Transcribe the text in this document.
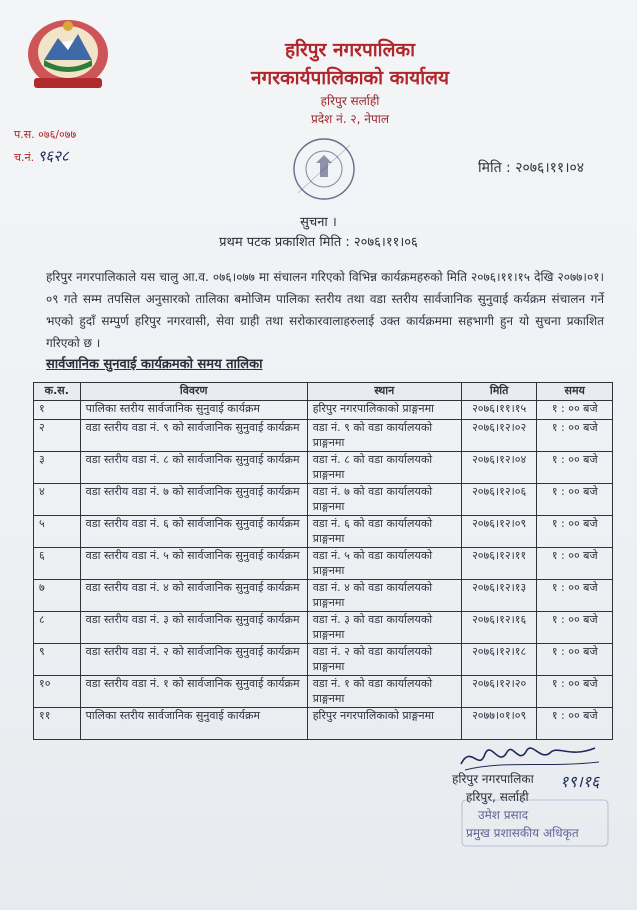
हरिपुर नगरपालिका
नगरकार्यपालिकाको कार्यालय
हरिपुर सर्लाही
प्रदेश नं. २, नेपाल
प.स. ०७६/०७७
च.नं. ९६२८
मिति : २०७६।११।०४
सुचना ।
प्रथम पटक प्रकाशित मिति : २०७६।११।०६
हरिपुर नगरपालिकाले यस चालु आ.व. ०७६।०७७ मा संचालन गरिएको विभिन्न कार्यक्रमहरुको मिति २०७६।११।१५ देखि २०७७।०१।०९ गते सम्म तपसिल अनुसारको तालिका बमोजिम पालिका स्तरीय तथा वडा स्तरीय सार्वजानिक सुनुवाई कर्यक्रम संचालन गर्ने भएको हुदाँ सम्पुर्ण हरिपुर नगरवासी, सेवा ग्राही तथा सरोकारवालाहरुलाई उक्त कार्यक्रममा सहभागी हुन यो सुचना प्रकाशित गरिएको छ ।
सार्वजानिक सुनवाई कार्यक्रमको समय तालिका
क.स.	विवरण	स्थान	मिति	समय
१	पालिका स्तरीय सार्वजानिक सुनुवाई कार्यक्रम	हरिपुर नगरपालिकाको प्राङ्गनमा	२०७६।११।१५	१ : ०० बजे
२	वडा स्तरीय वडा नं. ९ को सार्वजानिक सुनुवाई कार्यक्रम	वडा नं. ९ को वडा कार्यालयको प्राङ्गनमा	२०७६।१२।०२	१ : ०० बजे
३	वडा स्तरीय वडा नं. ८ को सार्वजानिक सुनुवाई कार्यक्रम	वडा नं. ८ को वडा कार्यालयको प्राङ्गनमा	२०७६।१२।०४	१ : ०० बजे
४	वडा स्तरीय वडा नं. ७ को सार्वजानिक सुनुवाई कार्यक्रम	वडा नं. ७ को वडा कार्यालयको प्राङ्गनमा	२०७६।१२।०६	१ : ०० बजे
५	वडा स्तरीय वडा नं. ६ को सार्वजानिक सुनुवाई कार्यक्रम	वडा नं. ६ को वडा कार्यालयको प्राङ्गनमा	२०७६।१२।०९	१ : ०० बजे
६	वडा स्तरीय वडा नं. ५ को सार्वजानिक सुनुवाई कार्यक्रम	वडा नं. ५ को वडा कार्यालयको प्राङ्गनमा	२०७६।१२।११	१ : ०० बजे
७	वडा स्तरीय वडा नं. ४ को सार्वजानिक सुनुवाई कार्यक्रम	वडा नं. ४ को वडा कार्यालयको प्राङ्गनमा	२०७६।१२।१३	१ : ०० बजे
८	वडा स्तरीय वडा नं. ३ को सार्वजानिक सुनुवाई कार्यक्रम	वडा नं. ३ को वडा कार्यालयको प्राङ्गनमा	२०७६।१२।१६	१ : ०० बजे
९	वडा स्तरीय वडा नं. २ को सार्वजानिक सुनुवाई कार्यक्रम	वडा नं. २ को वडा कार्यालयको प्राङ्गनमा	२०७६।१२।१८	१ : ०० बजे
१०	वडा स्तरीय वडा नं. १ को सार्वजानिक सुनुवाई कार्यक्रम	वडा नं. १ को वडा कार्यालयको प्राङ्गनमा	२०७६।१२।२०	१ : ०० बजे
११	पालिका स्तरीय सार्वजानिक सुनुवाई कार्यक्रम	हरिपुर नगरपालिकाको प्राङ्गनमा	२०७७।०१।०९	१ : ०० बजे
हरिपुर नगरपालिका १९।१६
हरिपुर, सर्लाही
उमेश प्रसाद
प्रमुख प्रशासकीय अधिकृत
